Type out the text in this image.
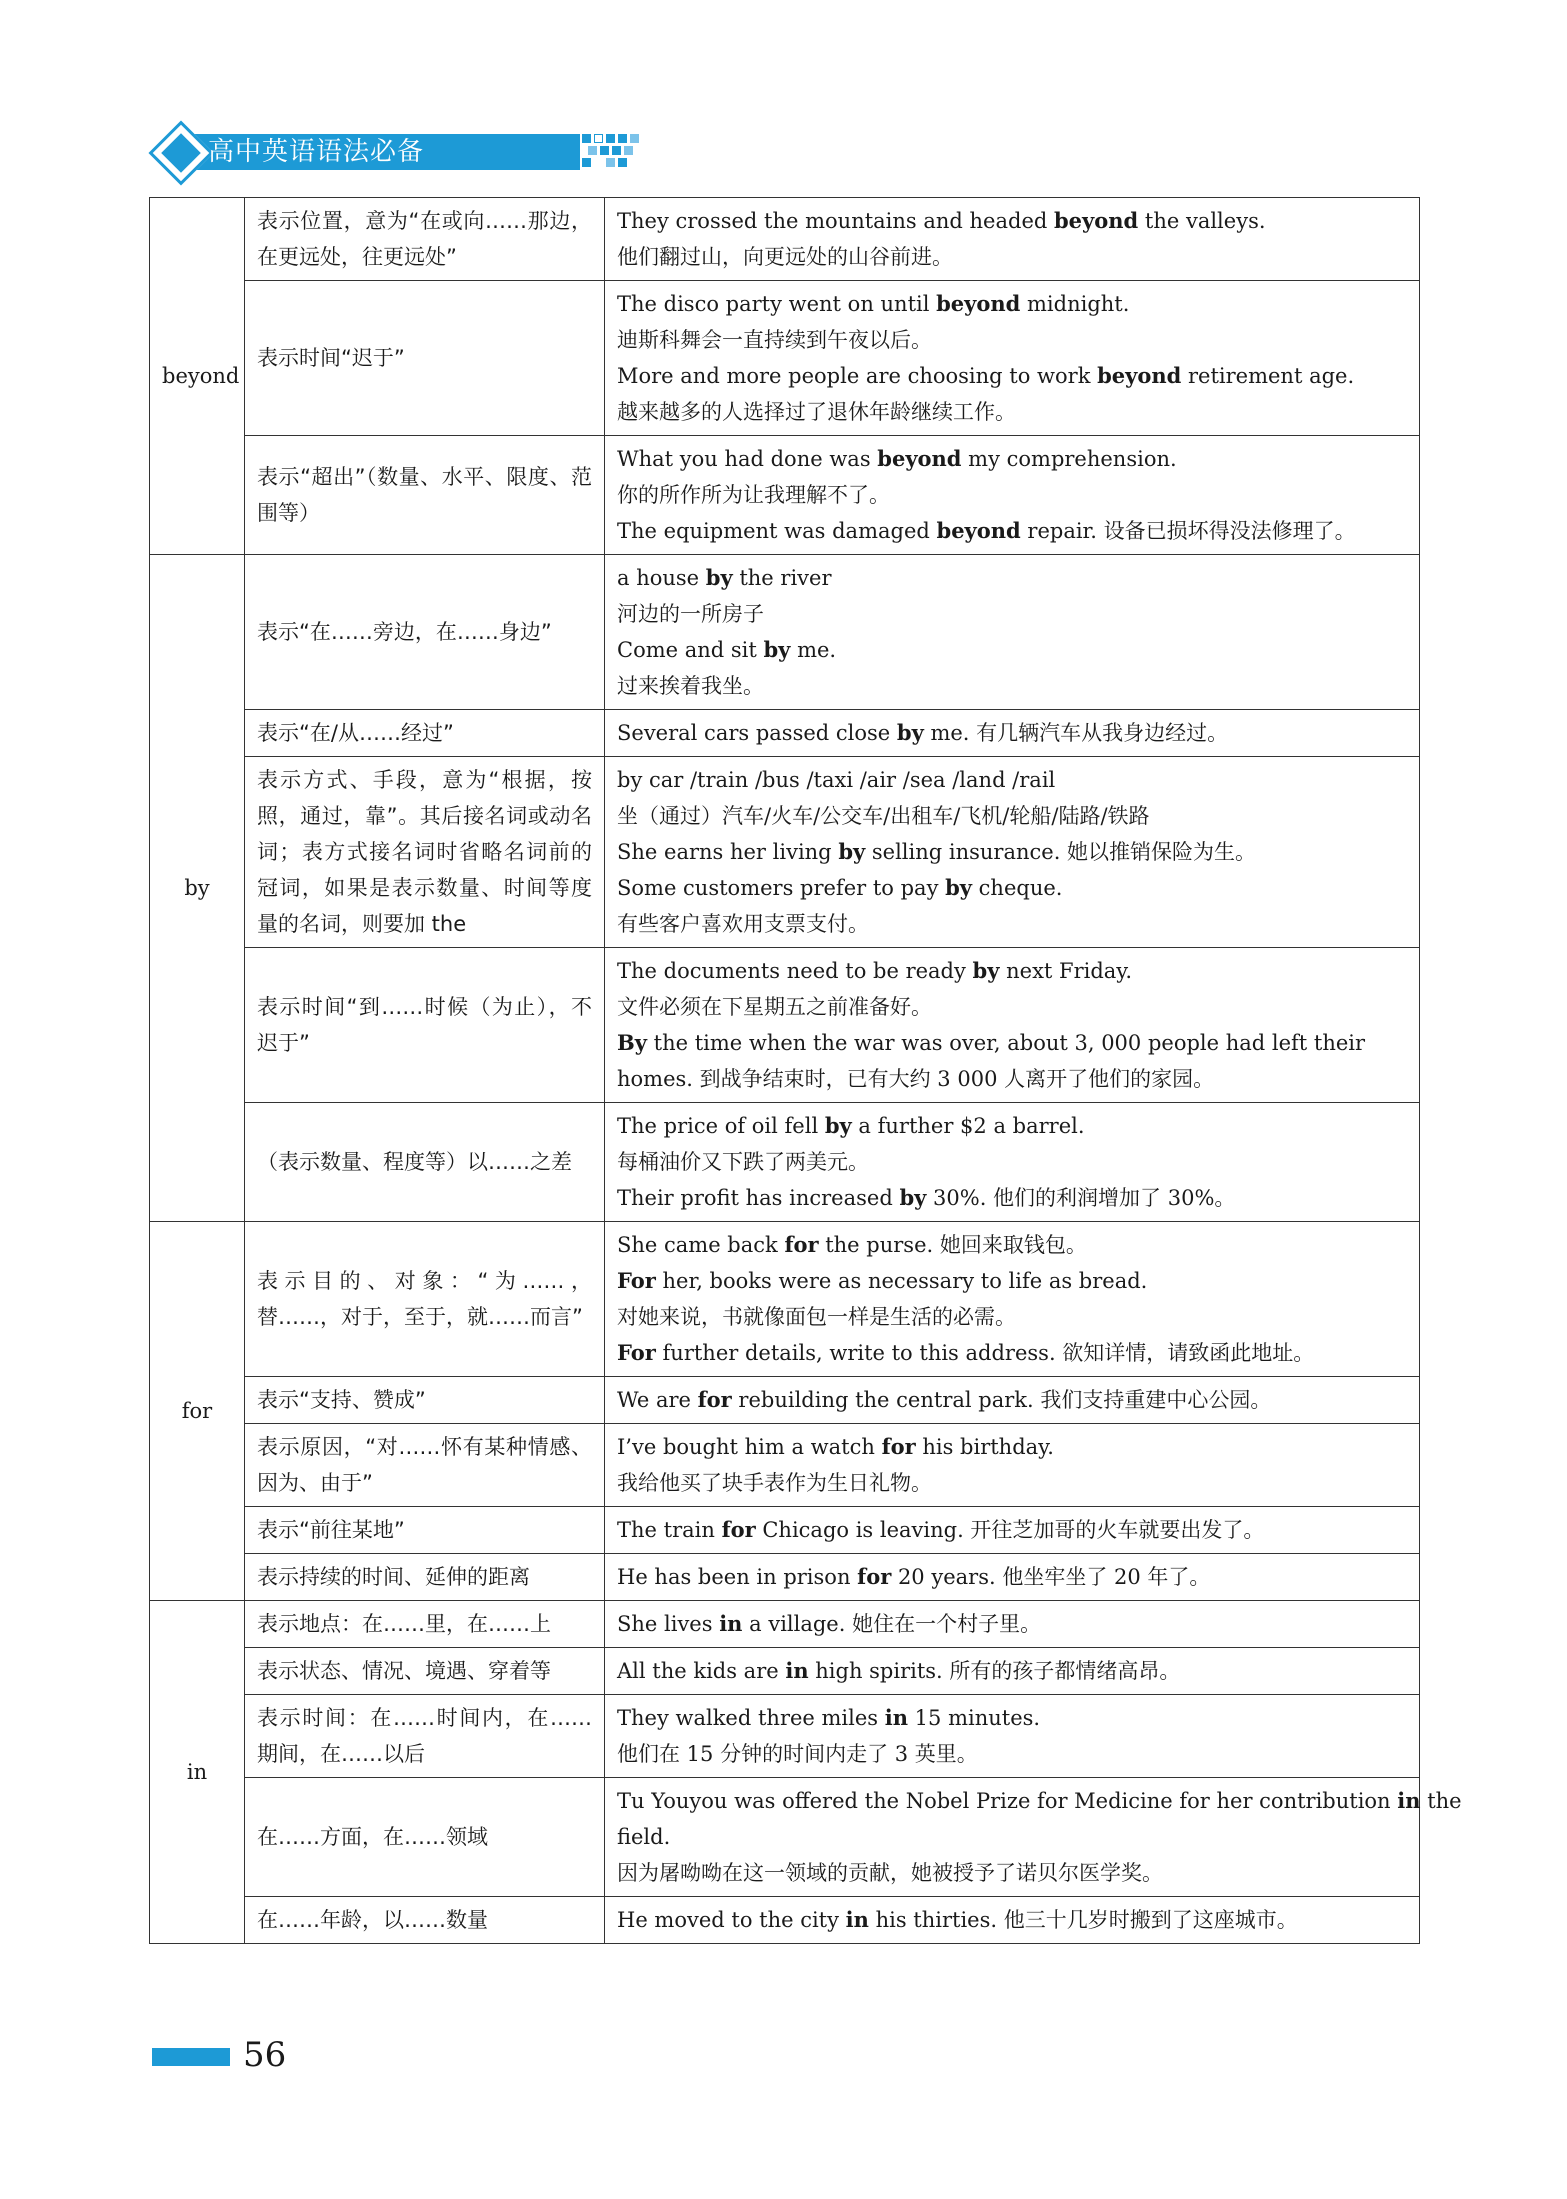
高中英语语法必备
beyond	表示位置，意为“在或向……那边，在更远处，往更远处”	They crossed the mountains and headed beyond the valleys.
他们翻过山，向更远处的山谷前进。

	表示时间“迟于”	The disco party went on until beyond midnight.
迪斯科舞会一直持续到午夜以后。
More and more people are choosing to work beyond retirement age.
越来越多的人选择过了退休年龄继续工作。

	表示“超出”（数量、水平、限度、范围等）	What you had done was beyond my comprehension.
你的所作所为让我理解不了。
The equipment was damaged beyond repair. 设备已损坏得没法修理了。

by	表示“在……旁边，在……身边”	a house by the river
河边的一所房子
Come and sit by me.
过来挨着我坐。

	表示“在/从……经过”	Several cars passed close by me. 有几辆汽车从我身边经过。

	表示方式、手段，意为“根据，按照，通过，靠”。其后接名词或动名词；表方式接名词时省略名词前的冠词，如果是表示数量、时间等度量的名词，则要加 the	by car /train /bus /taxi /air /sea /land /rail
坐（通过）汽车/火车/公交车/出租车/飞机/轮船/陆路/铁路
She earns her living by selling insurance. 她以推销保险为生。
Some customers prefer to pay by cheque.
有些客户喜欢用支票支付。

	表示时间“到……时候（为止），不迟于”	The documents need to be ready by next Friday.
文件必须在下星期五之前准备好。
By the time when the war was over, about 3, 000 people had left their
homes. 到战争结束时，已有大约 3 000 人离开了他们的家园。

	（表示数量、程度等）以……之差	The price of oil fell by a further $2 a barrel.
每桶油价又下跌了两美元。
Their profit has increased by 30%. 他们的利润增加了 30%。

for	表示目的、对象：“为……，替……，对于，至于，就……而言”	She came back for the purse. 她回来取钱包。
For her, books were as necessary to life as bread.
对她来说，书就像面包一样是生活的必需。
For further details, write to this address. 欲知详情，请致函此地址。

	表示“支持、赞成”	We are for rebuilding the central park. 我们支持重建中心公园。

	表示原因，“对……怀有某种情感、因为、由于”	I’ve bought him a watch for his birthday.
我给他买了块手表作为生日礼物。

	表示“前往某地”	The train for Chicago is leaving. 开往芝加哥的火车就要出发了。

	表示持续的时间、延伸的距离	He has been in prison for 20 years. 他坐牢坐了 20 年了。

in	表示地点：在……里，在……上	She lives in a village. 她住在一个村子里。

	表示状态、情况、境遇、穿着等	All the kids are in high spirits. 所有的孩子都情绪高昂。

	表示时间：在……时间内，在……期间，在……以后	They walked three miles in 15 minutes.
他们在 15 分钟的时间内走了 3 英里。

	在……方面，在……领域	Tu Youyou was offered the Nobel Prize for Medicine for her contribution in the
field.
因为屠呦呦在这一领域的贡献，她被授予了诺贝尔医学奖。

	在……年龄，以……数量	He moved to the city in his thirties. 他三十几岁时搬到了这座城市。
56
